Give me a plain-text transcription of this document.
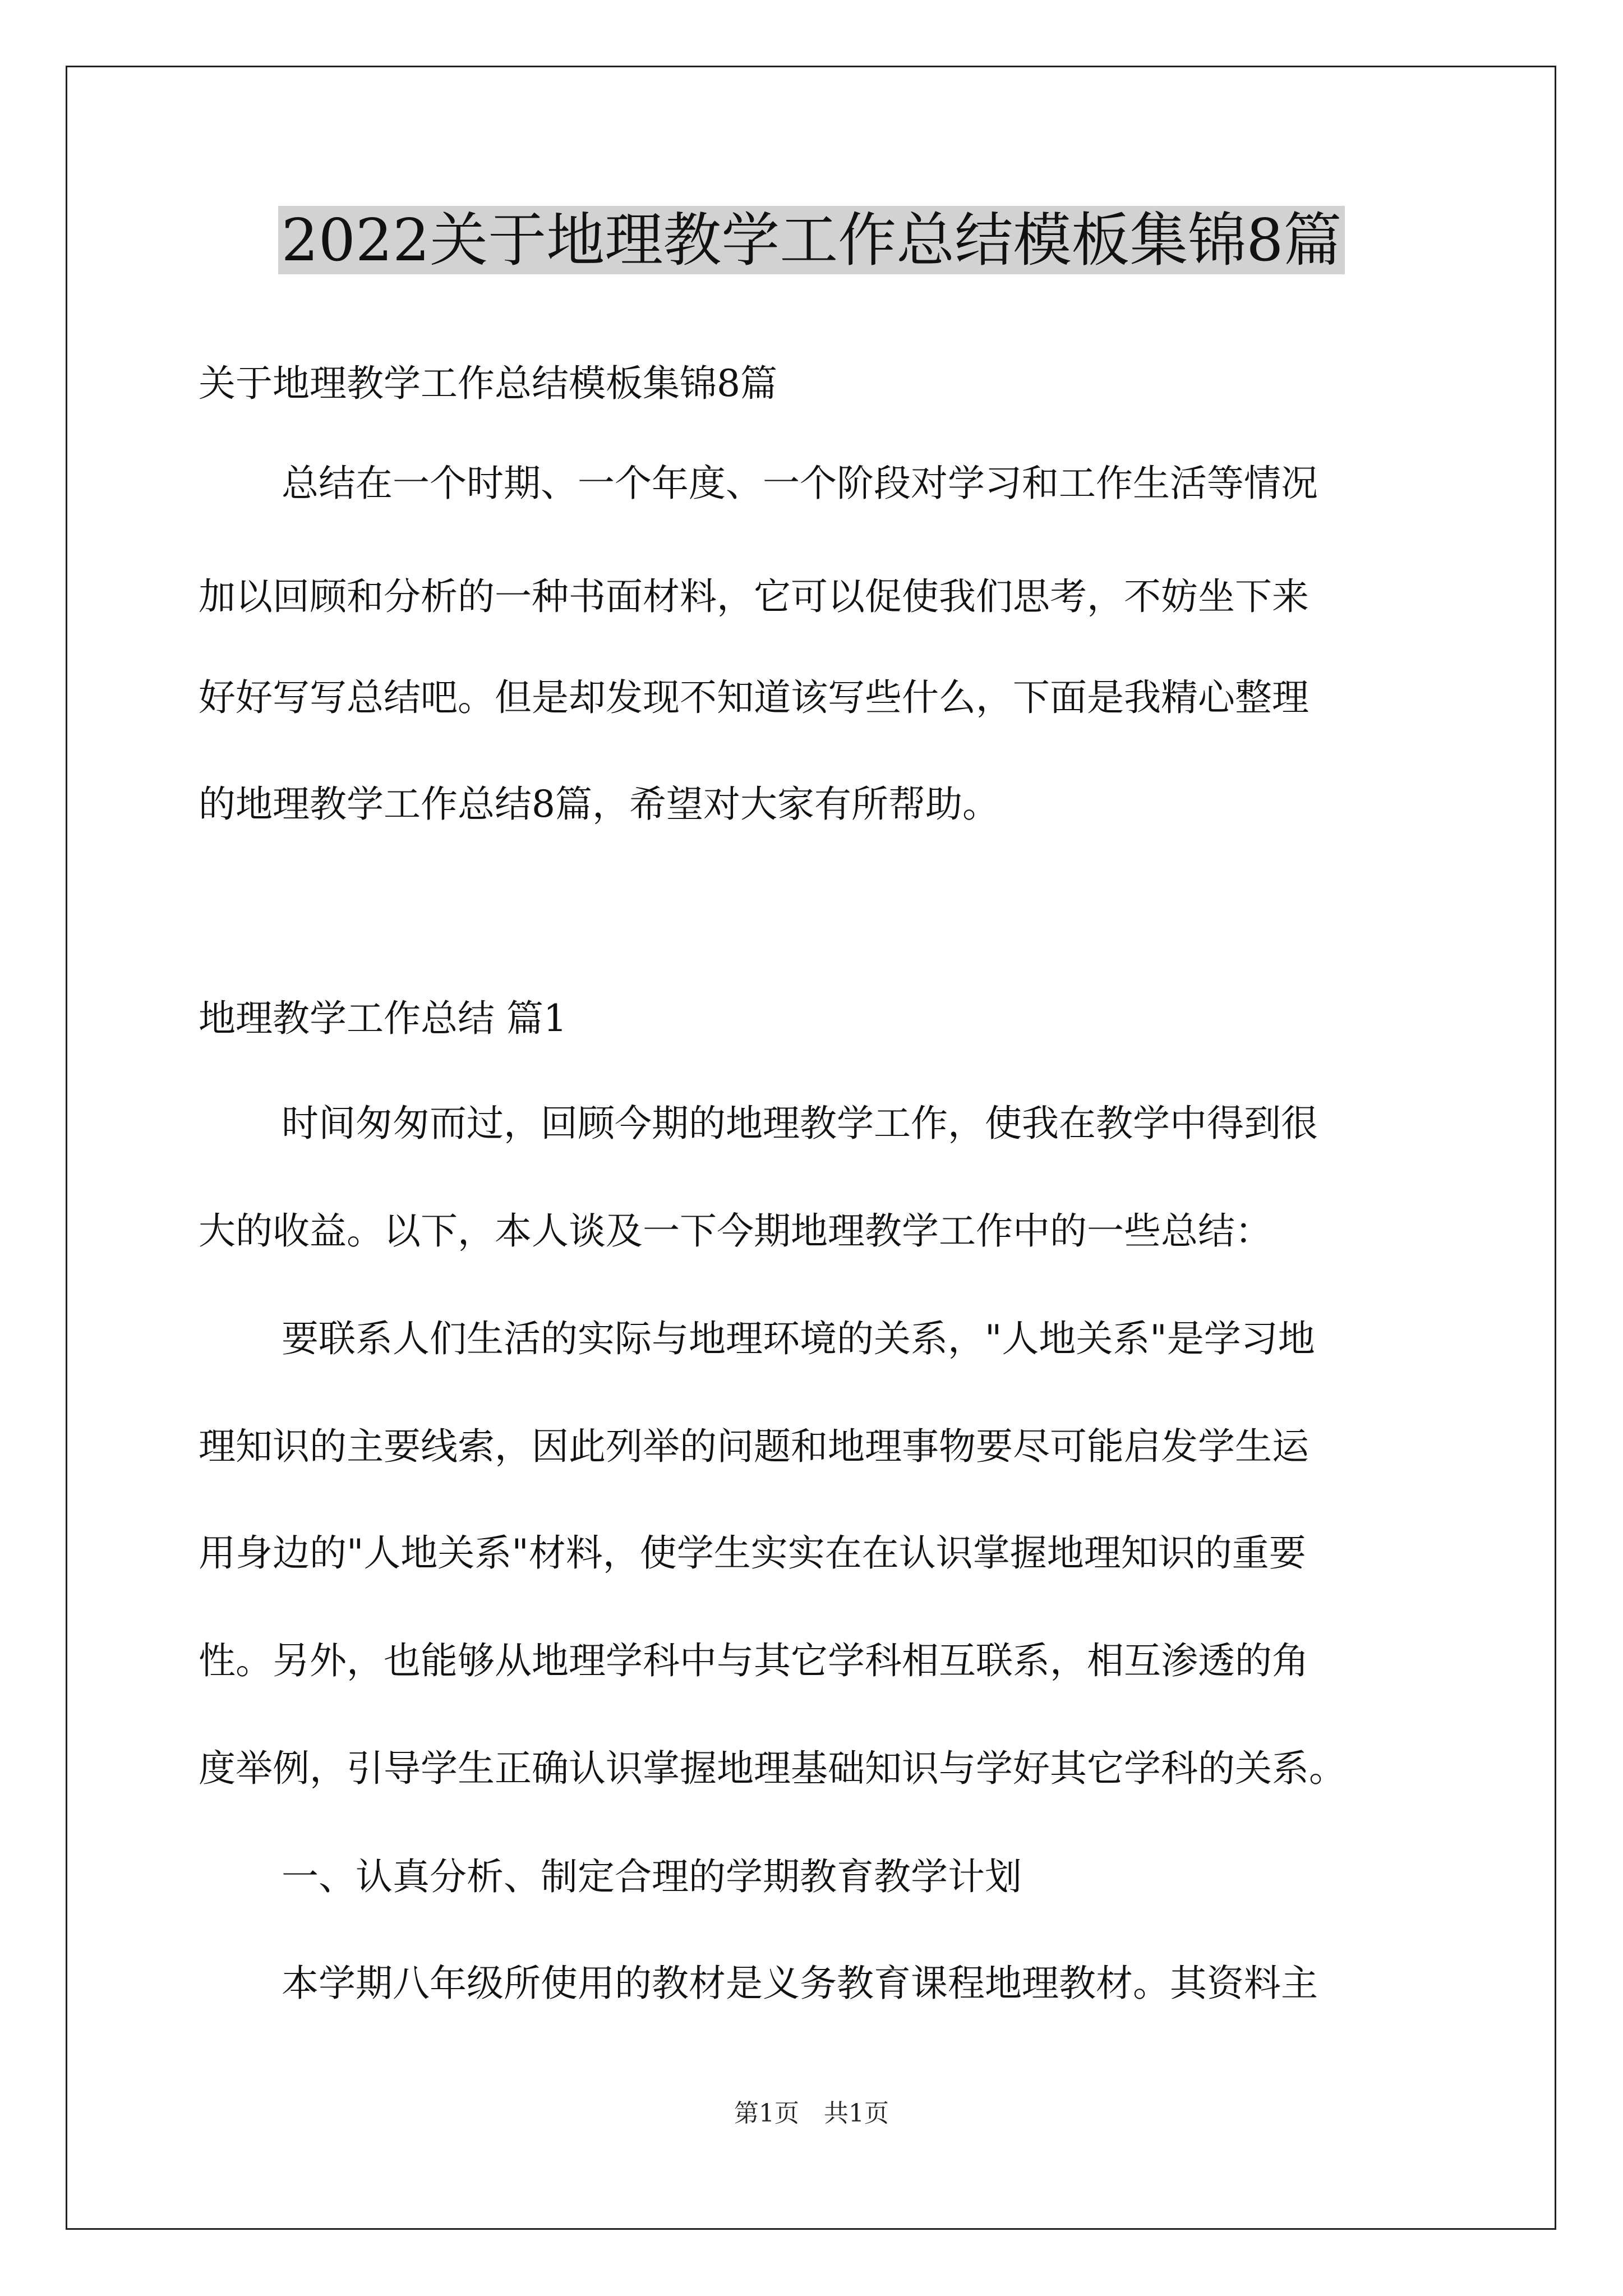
2022关于地理教学工作总结模板集锦8篇
关于地理教学工作总结模板集锦8篇
总结在一个时期、一个年度、一个阶段对学习和工作生活等情况
加以回顾和分析的一种书面材料，它可以促使我们思考，不妨坐下来
好好写写总结吧。但是却发现不知道该写些什么，下面是我精心整理
的地理教学工作总结8篇，希望对大家有所帮助。
地理教学工作总结 篇1
时间匆匆而过，回顾今期的地理教学工作，使我在教学中得到很
大的收益。以下，本人谈及一下今期地理教学工作中的一些总结：
要联系人们生活的实际与地理环境的关系，"人地关系"是学习地
理知识的主要线索，因此列举的问题和地理事物要尽可能启发学生运
用身边的"人地关系"材料，使学生实实在在认识掌握地理知识的重要
性。另外，也能够从地理学科中与其它学科相互联系，相互渗透的角
度举例，引导学生正确认识掌握地理基础知识与学好其它学科的关系。
一、认真分析、制定合理的学期教育教学计划
本学期八年级所使用的教材是义务教育课程地理教材。其资料主
第1页　共1页
